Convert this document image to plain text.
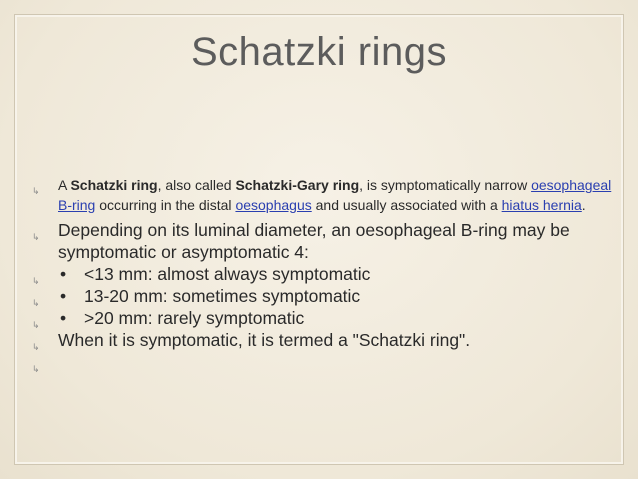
Schatzki rings
↳ A Schatzki ring, also called Schatzki-Gary ring, is symptomatically narrow oesophageal B-ring occurring in the distal oesophagus and usually associated with a hiatus hernia.
↳ Depending on its luminal diameter, an oesophageal B-ring may be symptomatic or asymptomatic 4:
↳ • <13 mm: almost always symptomatic
↳ • 13-20 mm: sometimes symptomatic
↳ • >20 mm: rarely symptomatic
↳ When it is symptomatic, it is termed a "Schatzki ring".
↳
